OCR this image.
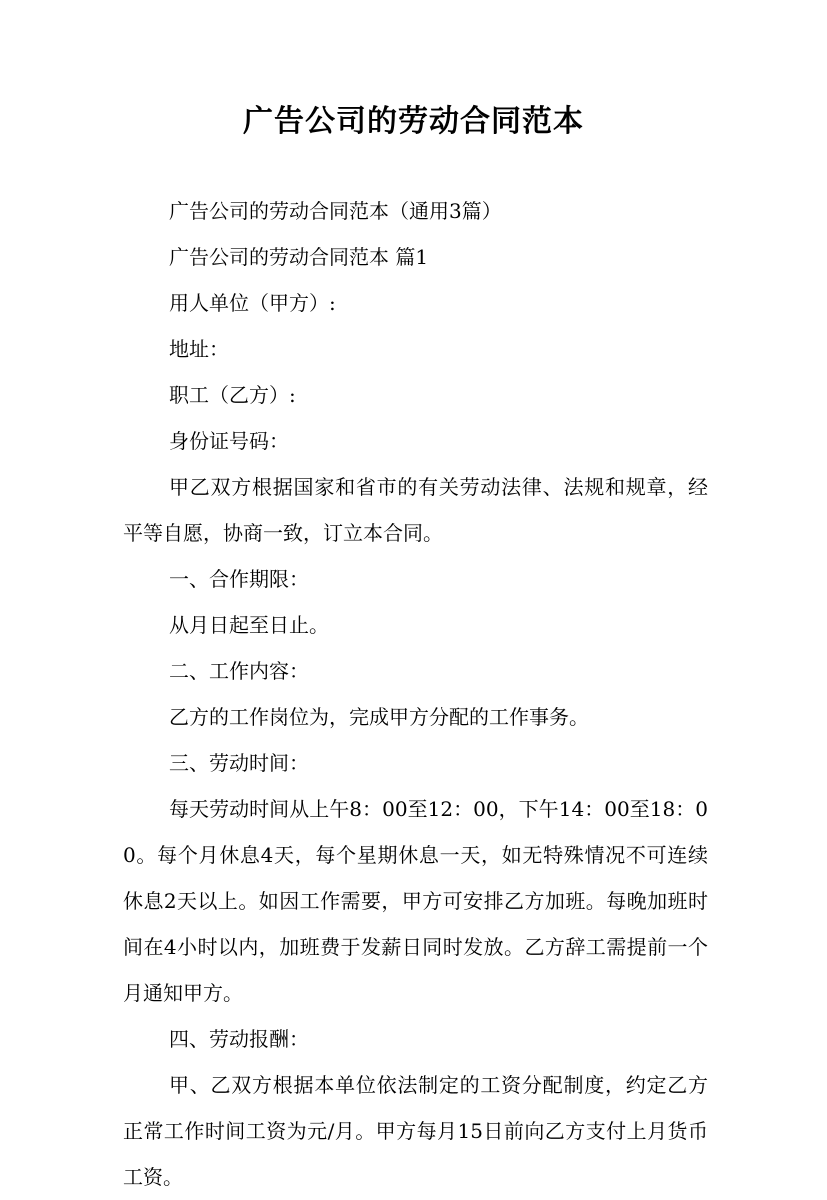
广告公司的劳动合同范本

广告公司的劳动合同范本（通用3篇）

广告公司的劳动合同范本 篇1

用人单位（甲方）:

地址：

职工（乙方）:

身份证号码：

甲乙双方根据国家和省市的有关劳动法律、法规和规章，经平等自愿，协商一致，订立本合同。

一、合作期限：

从月日起至日止。

二、工作内容：

乙方的工作岗位为，完成甲方分配的工作事务。

三、劳动时间：

每天劳动时间从上午8：00至12：00，下午14：00至18：00。每个月休息4天，每个星期休息一天，如无特殊情况不可连续休息2天以上。如因工作需要，甲方可安排乙方加班。每晚加班时间在4小时以内，加班费于发薪日同时发放。乙方辞工需提前一个月通知甲方。

四、劳动报酬：

甲、乙双方根据本单位依法制定的工资分配制度，约定乙方正常工作时间工资为元/月。甲方每月15日前向乙方支付上月货币工资。
